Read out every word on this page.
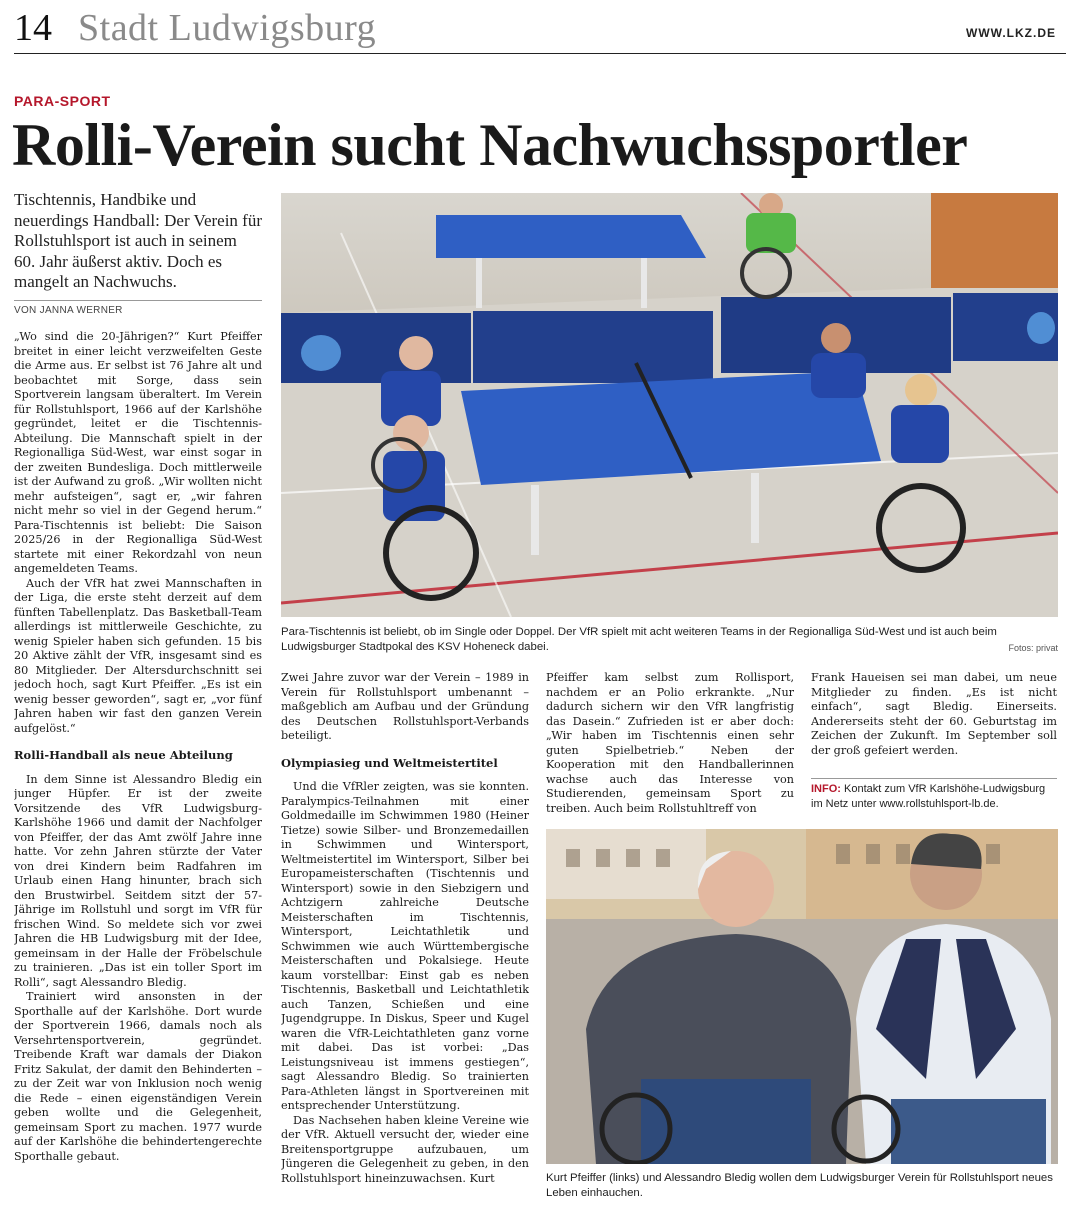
14 Stadt Ludwigsburg	WWW.LKZ.DE
PARA-SPORT
Rolli-Verein sucht Nachwuchssportler
Tischtennis, Handbike und neuerdings Handball: Der Verein für Rollstuhlsport ist auch in seinem 60. Jahr äußerst aktiv. Doch es mangelt an Nachwuchs.
VON JANNA WERNER

„Wo sind die 20-Jährigen?“ Kurt Pfeiffer breitet in einer leicht verzweifelten Geste die Arme aus. Er selbst ist 76 Jahre alt und beobachtet mit Sorge, dass sein Sportverein langsam überaltert. Im Verein für Rollstuhlsport, 1966 auf der Karlshöhe gegründet, leitet er die Tischtennis-Abteilung. Die Mannschaft spielt in der Regionalliga Süd-West, war einst sogar in der zweiten Bundesliga. Doch mittlerweile ist der Aufwand zu groß. „Wir wollten nicht mehr aufsteigen“, sagt er, „wir fahren nicht mehr so viel in der Gegend herum.“ Para-Tischtennis ist beliebt: Die Saison 2025/26 in der Regionalliga Süd-West startete mit einer Rekordzahl von neun angemeldeten Teams.

Auch der VfR hat zwei Mannschaften in der Liga, die erste steht derzeit auf dem fünften Tabellenplatz. Das Basketball-Team allerdings ist mittlerweile Geschichte, zu wenig Spieler haben sich gefunden. 15 bis 20 Aktive zählt der VfR, insgesamt sind es 80 Mitglieder. Der Altersdurchschnitt sei jedoch hoch, sagt Kurt Pfeiffer. „Es ist ein wenig besser geworden“, sagt er, „vor fünf Jahren haben wir fast den ganzen Verein aufgelöst.“

Rolli-Handball als neue Abteilung

In dem Sinne ist Alessandro Bledig ein junger Hüpfer. Er ist der zweite Vorsitzende des VfR Ludwigsburg-Karlshöhe 1966 und damit der Nachfolger von Pfeiffer, der das Amt zwölf Jahre inne hatte. Vor zehn Jahren stürzte der Vater von drei Kindern beim Radfahren im Urlaub einen Hang hinunter, brach sich den Brustwirbel. Seitdem sitzt der 57-Jährige im Rollstuhl und sorgt im VfR für frischen Wind. So meldete sich vor zwei Jahren die HB Ludwigsburg mit der Idee, gemeinsam in der Halle der Fröbelschule zu trainieren. „Das ist ein toller Sport im Rolli“, sagt Alessandro Bledig.

Trainiert wird ansonsten in der Sporthalle auf der Karlshöhe. Dort wurde der Sportverein 1966, damals noch als Versehrtensportverein, gegründet. Treibende Kraft war damals der Diakon Fritz Sakulat, der damit den Behinderten – zu der Zeit war von Inklusion noch wenig die Rede – einen eigenständigen Verein geben wollte und die Gelegenheit, gemeinsam Sport zu machen. 1977 wurde auf der Karlshöhe die behindertengerechte Sporthalle gebaut.

Para-Tischtennis ist beliebt, ob im Single oder Doppel. Der VfR spielt mit acht weiteren Teams in der Regionalliga Süd-West und ist auch beim Ludwigsburger Stadtpokal des KSV Hoheneck dabei.	Fotos: privat

Zwei Jahre zuvor war der Verein – 1989 in Verein für Rollstuhlsport umbenannt – maßgeblich am Aufbau und der Gründung des Deutschen Rollstuhlsport-Verbands beteiligt.

Olympiasieg und Weltmeistertitel

Und die VfRler zeigten, was sie konnten. Paralympics-Teilnahmen mit einer Goldmedaille im Schwimmen 1980 (Heiner Tietze) sowie Silber- und Bronzemedaillen in Schwimmen und Wintersport, Weltmeistertitel im Wintersport, Silber bei Europameisterschaften (Tischtennis und Wintersport) sowie in den Siebzigern und Achtzigern zahlreiche Deutsche Meisterschaften im Tischtennis, Wintersport, Leichtathletik und Schwimmen wie auch Württembergische Meisterschaften und Pokalsiege. Heute kaum vorstellbar: Einst gab es neben Tischtennis, Basketball und Leichtathletik auch Tanzen, Schießen und eine Jugendgruppe. In Diskus, Speer und Kugel waren die VfR-Leichtathleten ganz vorne mit dabei. Das ist vorbei: „Das Leistungsniveau ist immens gestiegen“, sagt Alessandro Bledig. So trainierten Para-Athleten längst in Sportvereinen mit entsprechender Unterstützung.

Das Nachsehen haben kleine Vereine wie der VfR. Aktuell versucht der, wieder eine Breitensportgruppe aufzubauen, um Jüngeren die Gelegenheit zu geben, in den Rollstuhlsport hineinzuwachsen. Kurt

Pfeiffer kam selbst zum Rollisport, nachdem er an Polio erkrankte. „Nur dadurch sichern wir den VfR langfristig das Dasein.“ Zufrieden ist er aber doch: „Wir haben im Tischtennis einen sehr guten Spielbetrieb.“ Neben der Kooperation mit den Handballerinnen wachse auch das Interesse von Studierenden, gemeinsam Sport zu treiben. Auch beim Rollstuhltreff von

Frank Haueisen sei man dabei, um neue Mitglieder zu finden. „Es ist nicht einfach“, sagt Bledig. Einerseits. Andererseits steht der 60. Geburtstag im Zeichen der Zukunft. Im September soll der groß gefeiert werden.

INFO: Kontakt zum VfR Karlshöhe-Ludwigsburg im Netz unter www.rollstuhlsport-lb.de.
Kurt Pfeiffer (links) und Alessandro Bledig wollen dem Ludwigsburger Verein für Rollstuhlsport neues Leben einhauchen.
